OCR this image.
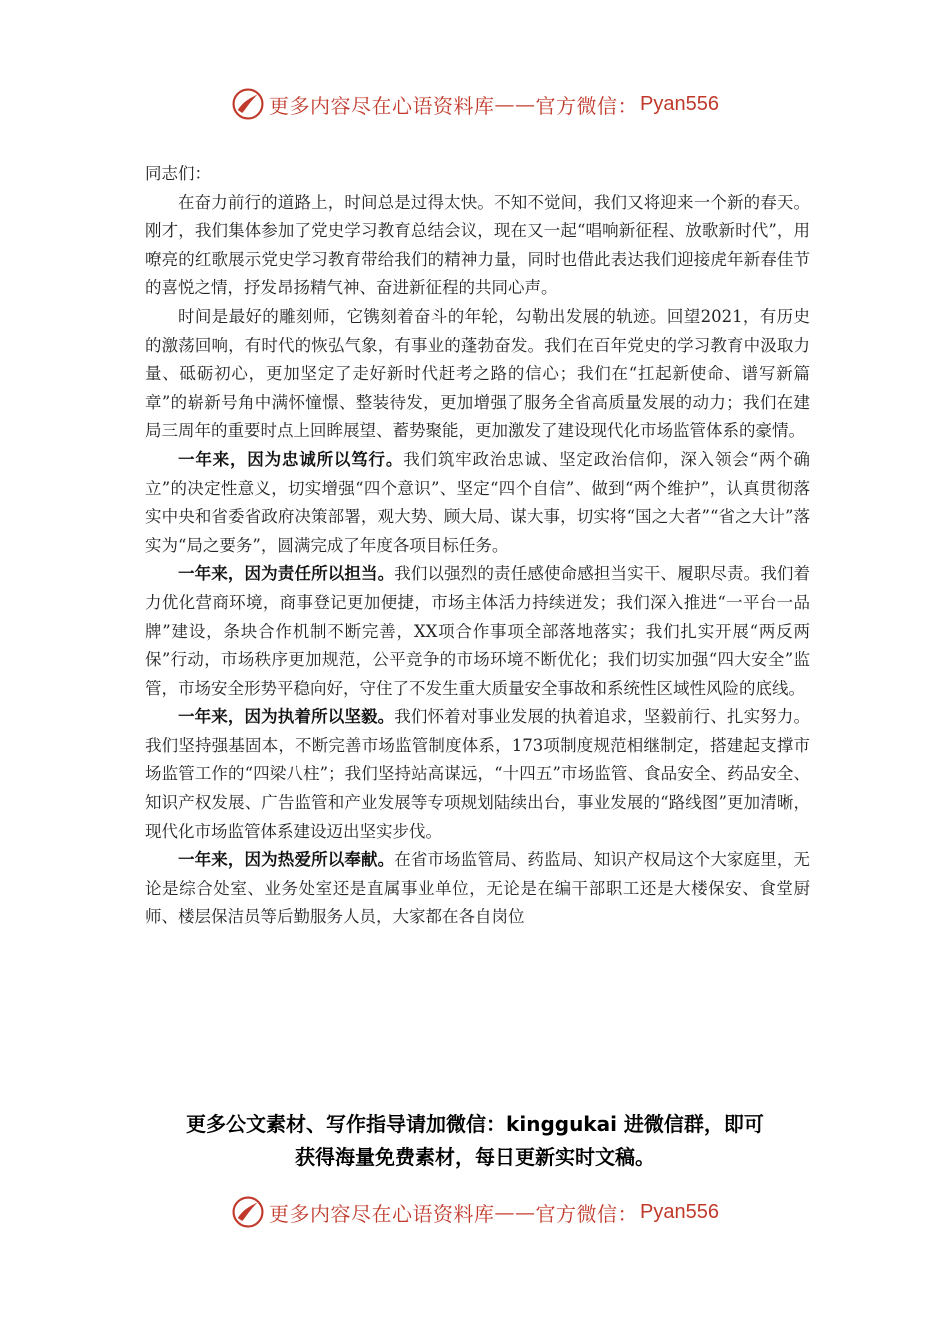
更多内容尽在心语资料库 —— 官方微信： Pyan556

同志们：

在奋力前行的道路上，时间总是过得太快。不知不觉间，我们又将迎来一个新的春天。刚才，我们集体参加了党史学习教育总结会议，现在又一起“唱响新征程、放歌新时代”，用嘹亮的红歌展示党史学习教育带给我们的精神力量，同时也借此表达我们迎接虎年新春佳节的喜悦之情，抒发昂扬精气神、奋进新征程的共同心声。

时间是最好的雕刻师，它镌刻着奋斗的年轮，勾勒出发展的轨迹。回望2021，有历史的激荡回响，有时代的恢弘气象，有事业的蓬勃奋发。我们在百年党史的学习教育中汲取力量、砥砺初心，更加坚定了走好新时代赶考之路的信心；我们在“扛起新使命、谱写新篇章”的崭新号角中满怀憧憬、整装待发，更加增强了服务全省高质量发展的动力；我们在建局三周年的重要时点上回眸展望、蓄势聚能，更加激发了建设现代化市场监管体系的豪情。

一年来，因为忠诚所以笃行。我们筑牢政治忠诚、坚定政治信仰，深入领会“两个确立”的决定性意义，切实增强“四个意识”、坚定“四个自信”、做到“两个维护”，认真贯彻落实中央和省委省政府决策部署，观大势、顾大局、谋大事，切实将“国之大者”“省之大计”落实为“局之要务”，圆满完成了年度各项目标任务。

一年来，因为责任所以担当。我们以强烈的责任感使命感担当实干、履职尽责。我们着力优化营商环境，商事登记更加便捷，市场主体活力持续迸发；我们深入推进“一平台一品牌”建设，条块合作机制不断完善，XX项合作事项全部落地落实；我们扎实开展“两反两保”行动，市场秩序更加规范，公平竞争的市场环境不断优化；我们切实加强“四大安全”监管，市场安全形势平稳向好，守住了不发生重大质量安全事故和系统性区域性风险的底线。

一年来，因为执着所以坚毅。我们怀着对事业发展的执着追求，坚毅前行、扎实努力。我们坚持强基固本，不断完善市场监管制度体系，173项制度规范相继制定，搭建起支撑市场监管工作的“四梁八柱”；我们坚持站高谋远，“十四五”市场监管、食品安全、药品安全、知识产权发展、广告监管和产业发展等专项规划陆续出台，事业发展的“路线图”更加清晰，现代化市场监管体系建设迈出坚实步伐。

一年来，因为热爱所以奉献。在省市场监管局、药监局、知识产权局这个大家庭里，无论是综合处室、业务处室还是直属事业单位，无论是在编干部职工还是大楼保安、食堂厨师、楼层保洁员等后勤服务人员，大家都在各自岗位

更多公文素材、写作指导请加微信：kinggukai 进微信群，即可

获得海量免费素材，每日更新实时文稿。

更多内容尽在心语资料库 —— 官方微信： Pyan556
